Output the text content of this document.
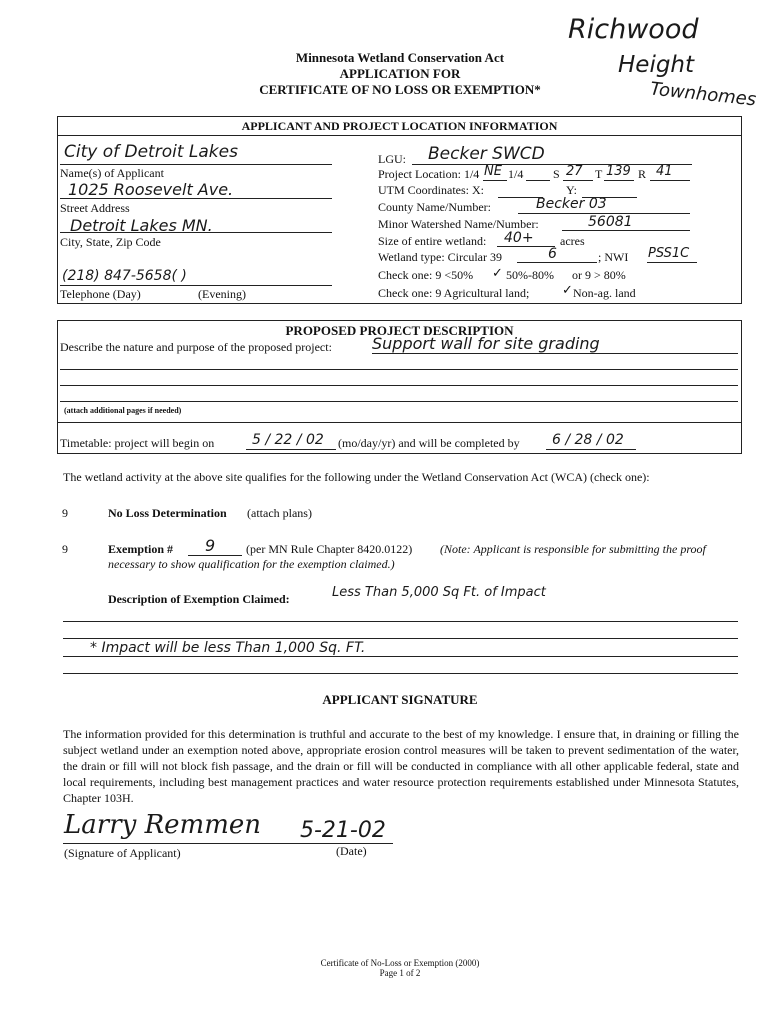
Richwood
Height
Townhomes
Minnesota Wetland Conservation Act
APPLICATION FOR
CERTIFICATE OF NO LOSS OR EXEMPTION*
APPLICANT AND PROJECT LOCATION INFORMATION
City of Detroit Lakes
Name(s) of Applicant
1025 Roosevelt Ave.
Street Address
Detroit Lakes MN.
City, State, Zip Code
(218) 847-5658( )
Telephone (Day)	(Evening)
LGU: Becker SWCD
Project Location: 1/4 NE 1/4 S 27 T 139 R 41
UTM Coordinates: X:	Y:
County Name/Number:	Becker 03
Minor Watershed Name/Number:	56081
Size of entire wetland: 40+ acres
Wetland type: Circular 39	6	; NWI PSS1C
Check one: 9 <50% ✓ 50%-80% or 9 > 80%
Check one: 9 Agricultural land;	✓ Non-ag. land
PROPOSED PROJECT DESCRIPTION
Describe the nature and purpose of the proposed project:	Support wall for site grading
(attach additional pages if needed)
Timetable: project will begin on	5 / 22 / 02 (mo/day/yr) and will be completed by 6 / 28 / 02
The wetland activity at the above site qualifies for the following under the Wetland Conservation Act (WCA) (check one):
9	No Loss Determination (attach plans)
9	Exemption # 9	(per MN Rule Chapter 8420.0122) (Note: Applicant is responsible for submitting the proof
necessary to show qualification for the exemption claimed.)
Description of Exemption Claimed:	Less Than 5,000 Sq Ft. of Impact
* Impact will be less Than 1,000 Sq. FT.
APPLICANT SIGNATURE
The information provided for this determination is truthful and accurate to the best of my knowledge. I ensure that, in draining or filling the subject wetland under an exemption noted above, appropriate erosion control measures will be taken to prevent sedimentation of the water, the drain or fill will not block fish passage, and the drain or fill will be conducted in compliance with all other applicable federal, state and local requirements, including best management practices and water resource protection requirements established under Minnesota Statutes, Chapter 103H.
Larry Remmen 5-21-02
(Signature of Applicant)	(Date)
Certificate of No-Loss or Exemption (2000)
Page 1 of 2
